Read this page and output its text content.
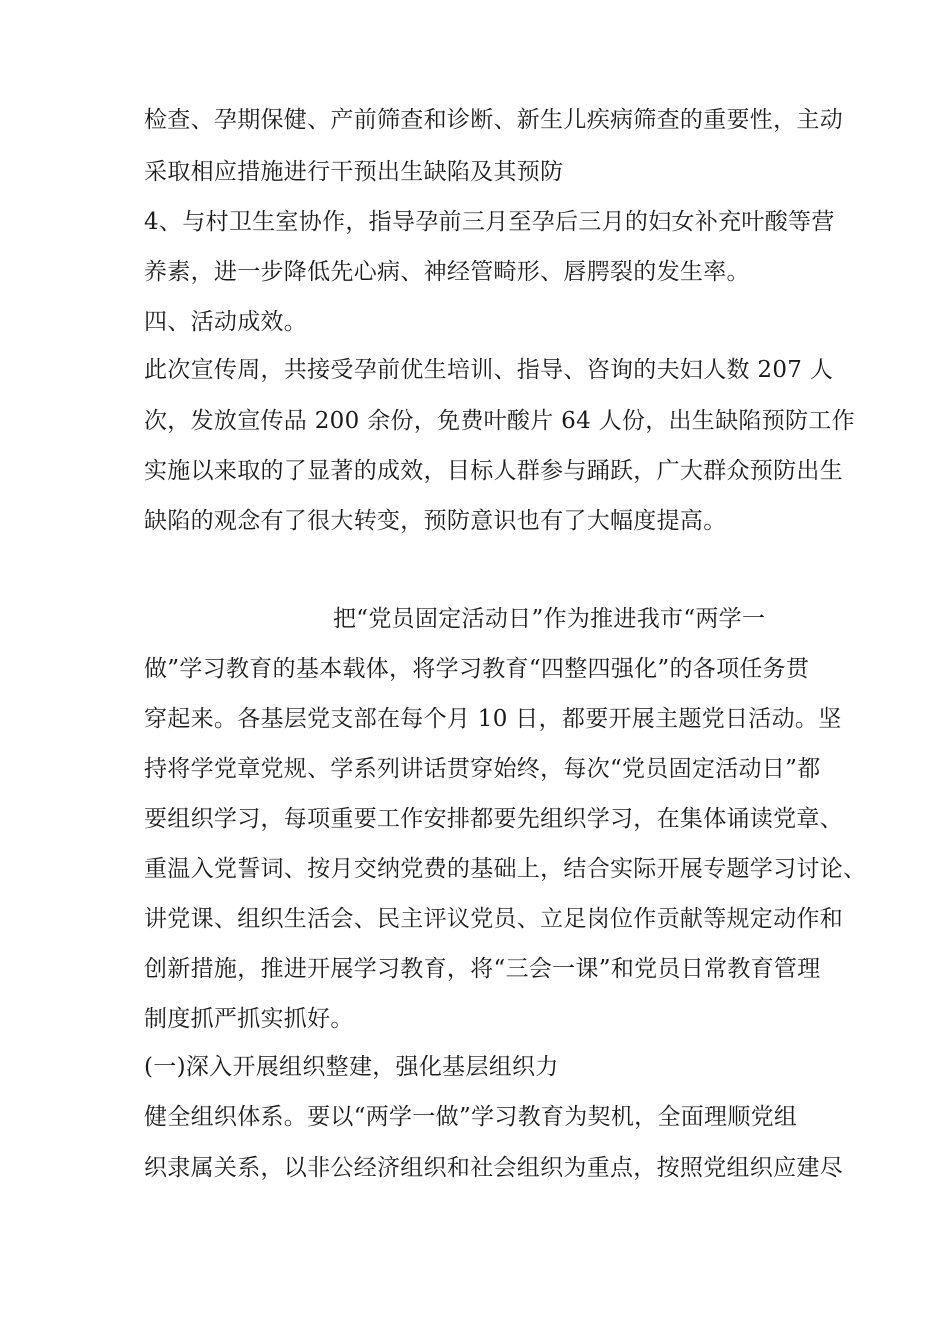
检查、孕期保健、产前筛查和诊断、新生儿疾病筛查的重要性，主动
采取相应措施进行干预出生缺陷及其预防
4、与村卫生室协作，指导孕前三月至孕后三月的妇女补充叶酸等营
养素，进一步降低先心病、神经管畸形、唇腭裂的发生率。
四、活动成效。
此次宣传周，共接受孕前优生培训、指导、咨询的夫妇人数 207 人
次，发放宣传品 200 余份，免费叶酸片 64 人份，出生缺陷预防工作
实施以来取的了显著的成效，目标人群参与踊跃，广大群众预防出生
缺陷的观念有了很大转变，预防意识也有了大幅度提高。
把“党员固定活动日”作为推进我市“两学一
做”学习教育的基本载体，将学习教育“四整四强化”的各项任务贯
穿起来。各基层党支部在每个月 10 日，都要开展主题党日活动。坚
持将学党章党规、学系列讲话贯穿始终，每次“党员固定活动日”都
要组织学习，每项重要工作安排都要先组织学习，在集体诵读党章、
重温入党誓词、按月交纳党费的基础上，结合实际开展专题学习讨论、
讲党课、组织生活会、民主评议党员、立足岗位作贡献等规定动作和
创新措施，推进开展学习教育，将“三会一课”和党员日常教育管理
制度抓严抓实抓好。
(一)深入开展组织整建，强化基层组织力
健全组织体系。要以“两学一做”学习教育为契机，全面理顺党组
织隶属关系，以非公经济组织和社会组织为重点，按照党组织应建尽
